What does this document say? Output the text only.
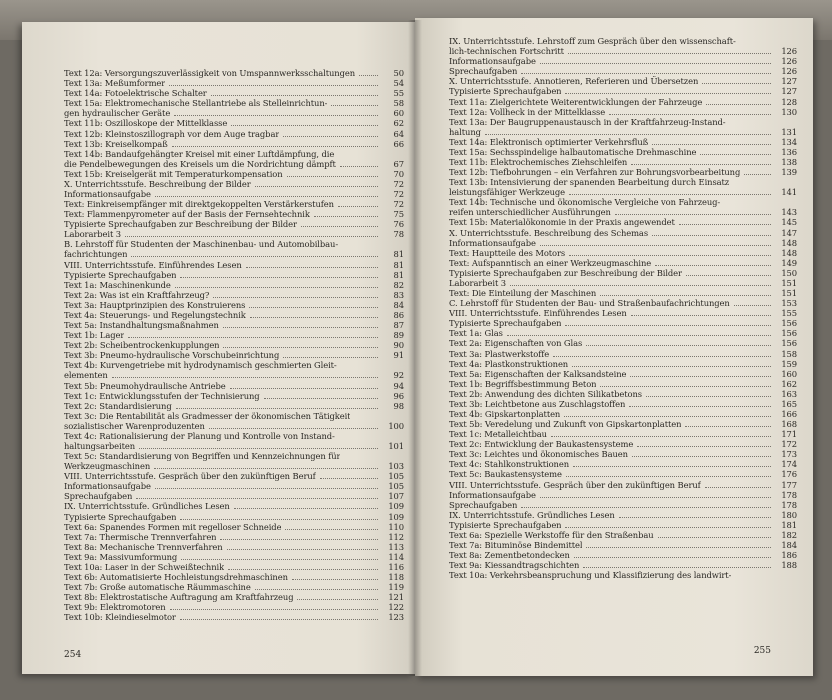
Text 12a: Versorgungszuverlässigkeit von Umspannwerksschaltungen	50
Text 13a: Meßumformer	54
Text 14a: Fotoelektrische Schalter	55
Text 15a: Elektromechanische Stellantriebe als Stelleinrichtun-	58
gen hydraulischer Geräte	60
Text 11b: Oszilloskope der Mittelklasse	62
Text 12b: Kleinstoszillograph vor dem Auge tragbar	64
Text 13b: Kreiselkompaß	66
Text 14b: Bandaufgehängter Kreisel mit einer Luftdämpfung, die
die Pendelbewegungen des Kreisels um die Nordrichtung dämpft	67
Text 15b: Kreiselgerät mit Temperaturkompensation	70
X. Unterrichtsstufe. Beschreibung der Bilder	72
Informationsaufgabe	72
Text: Einkreisempfänger mit direktgekoppelten Verstärkerstufen	72
Text: Flammenpyrometer auf der Basis der Fernsehtechnik	75
Typisierte Sprechaufgaben zur Beschreibung der Bilder	76
Laborarbeit 3	78
B. Lehrstoff für Studenten der Maschinenbau- und Automobilbau-
fachrichtungen	81
VIII. Unterrichtsstufe. Einführendes Lesen	81
Typisierte Sprechaufgaben	81
Text 1a: Maschinenkunde	82
Text 2a: Was ist ein Kraftfahrzeug?	83
Text 3a: Hauptprinzipien des Konstruierens	84
Text 4a: Steuerungs- und Regelungstechnik	86
Text 5a: Instandhaltungsmaßnahmen	87
Text 1b: Lager	89
Text 2b: Scheibentrockenkupplungen	90
Text 3b: Pneumo-hydraulische Vorschubeinrichtung	91
Text 4b: Kurvengetriebe mit hydrodynamisch geschmierten Gleit-
elementen	92
Text 5b: Pneumohydraulische Antriebe	94
Text 1c: Entwicklungsstufen der Technisierung	96
Text 2c: Standardisierung	98
Text 3c: Die Rentabilität als Gradmesser der ökonomischen Tätigkeit
sozialistischer Warenproduzenten	100
Text 4c: Rationalisierung der Planung und Kontrolle von Instand-
haltungsarbeiten	101
Text 5c: Standardisierung von Begriffen und Kennzeichnungen für
Werkzeugmaschinen	103
VIII. Unterrichtsstufe. Gespräch über den zukünftigen Beruf	105
Informationsaufgabe	105
Sprechaufgaben	107
IX. Unterrichtsstufe. Gründliches Lesen	109
Typisierte Sprechaufgaben	109
Text 6a: Spanendes Formen mit regelloser Schneide	110
Text 7a: Thermische Trennverfahren	112
Text 8a: Mechanische Trennverfahren	113
Text 9a: Massivumformung	114
Text 10a: Laser in der Schweißtechnik	116
Text 6b: Automatisierte Hochleistungsdrehmaschinen	118
Text 7b: Große automatische Räummaschine	119
Text 8b: Elektrostatische Auftragung am Kraftfahrzeug	121
Text 9b: Elektromotoren	122
Text 10b: Kleindieselmotor	123
254
IX. Unterrichtsstufe. Lehrstoff zum Gespräch über den wissenschaft-
lich-technischen Fortschritt	126
Informationsaufgabe	126
Sprechaufgaben	126
X. Unterrichtsstufe. Annotieren, Referieren und Übersetzen	127
Typisierte Sprechaufgaben	127
Text 11a: Zielgerichtete Weiterentwicklungen der Fahrzeuge	128
Text 12a: Vollheck in der Mittelklasse	130
Text 13a: Der Baugruppenaustausch in der Kraftfahrzeug-Instand-
haltung	131
Text 14a: Elektronisch optimierter Verkehrsfluß	134
Text 15a: Sechsspindelige halbautomatische Drehmaschine	136
Text 11b: Elektrochemisches Ziehschleifen	138
Text 12b: Tiefbohrungen – ein Verfahren zur Bohrungsvorbearbeitung	139
Text 13b: Intensivierung der spanenden Bearbeitung durch Einsatz
leistungsfähiger Werkzeuge	141
Text 14b: Technische und ökonomische Vergleiche von Fahrzeug-
reifen unterschiedlicher Ausführungen	143
Text 15b: Materialökonomie in der Praxis angewendet	145
X. Unterrichtsstufe. Beschreibung des Schemas	147
Informationsaufgabe	148
Text: Hauptteile des Motors	148
Text: Aufspanntisch an einer Werkzeugmaschine	149
Typisierte Sprechaufgaben zur Beschreibung der Bilder	150
Laborarbeit 3	151
Text: Die Einteilung der Maschinen	151
C. Lehrstoff für Studenten der Bau- und Straßenbaufachrichtungen	153
VIII. Unterrichtsstufe. Einführendes Lesen	155
Typisierte Sprechaufgaben	156
Text 1a: Glas	156
Text 2a: Eigenschaften von Glas	156
Text 3a: Plastwerkstoffe	158
Text 4a: Plastkonstruktionen	159
Text 5a: Eigenschaften der Kalksandsteine	160
Text 1b: Begriffsbestimmung Beton	162
Text 2b: Anwendung des dichten Silikatbetons	163
Text 3b: Leichtbetone aus Zuschlagstoffen	165
Text 4b: Gipskartonplatten	166
Text 5b: Veredelung und Zukunft von Gipskartonplatten	168
Text 1c: Metalleichtbau	171
Text 2c: Entwicklung der Baukastensysteme	172
Text 3c: Leichtes und ökonomisches Bauen	173
Text 4c: Stahlkonstruktionen	174
Text 5c: Baukastensysteme	176
VIII. Unterrichtsstufe. Gespräch über den zukünftigen Beruf	177
Informationsaufgabe	178
Sprechaufgaben	178
IX. Unterrichtsstufe. Gründliches Lesen	180
Typisierte Sprechaufgaben	181
Text 6a: Spezielle Werkstoffe für den Straßenbau	182
Text 7a: Bituminöse Bindemittel	184
Text 8a: Zementbetondecken	186
Text 9a: Kiessandtragschichten	188
Text 10a: Verkehrsbeanspruchung und Klassifizierung des landwirt-
255
